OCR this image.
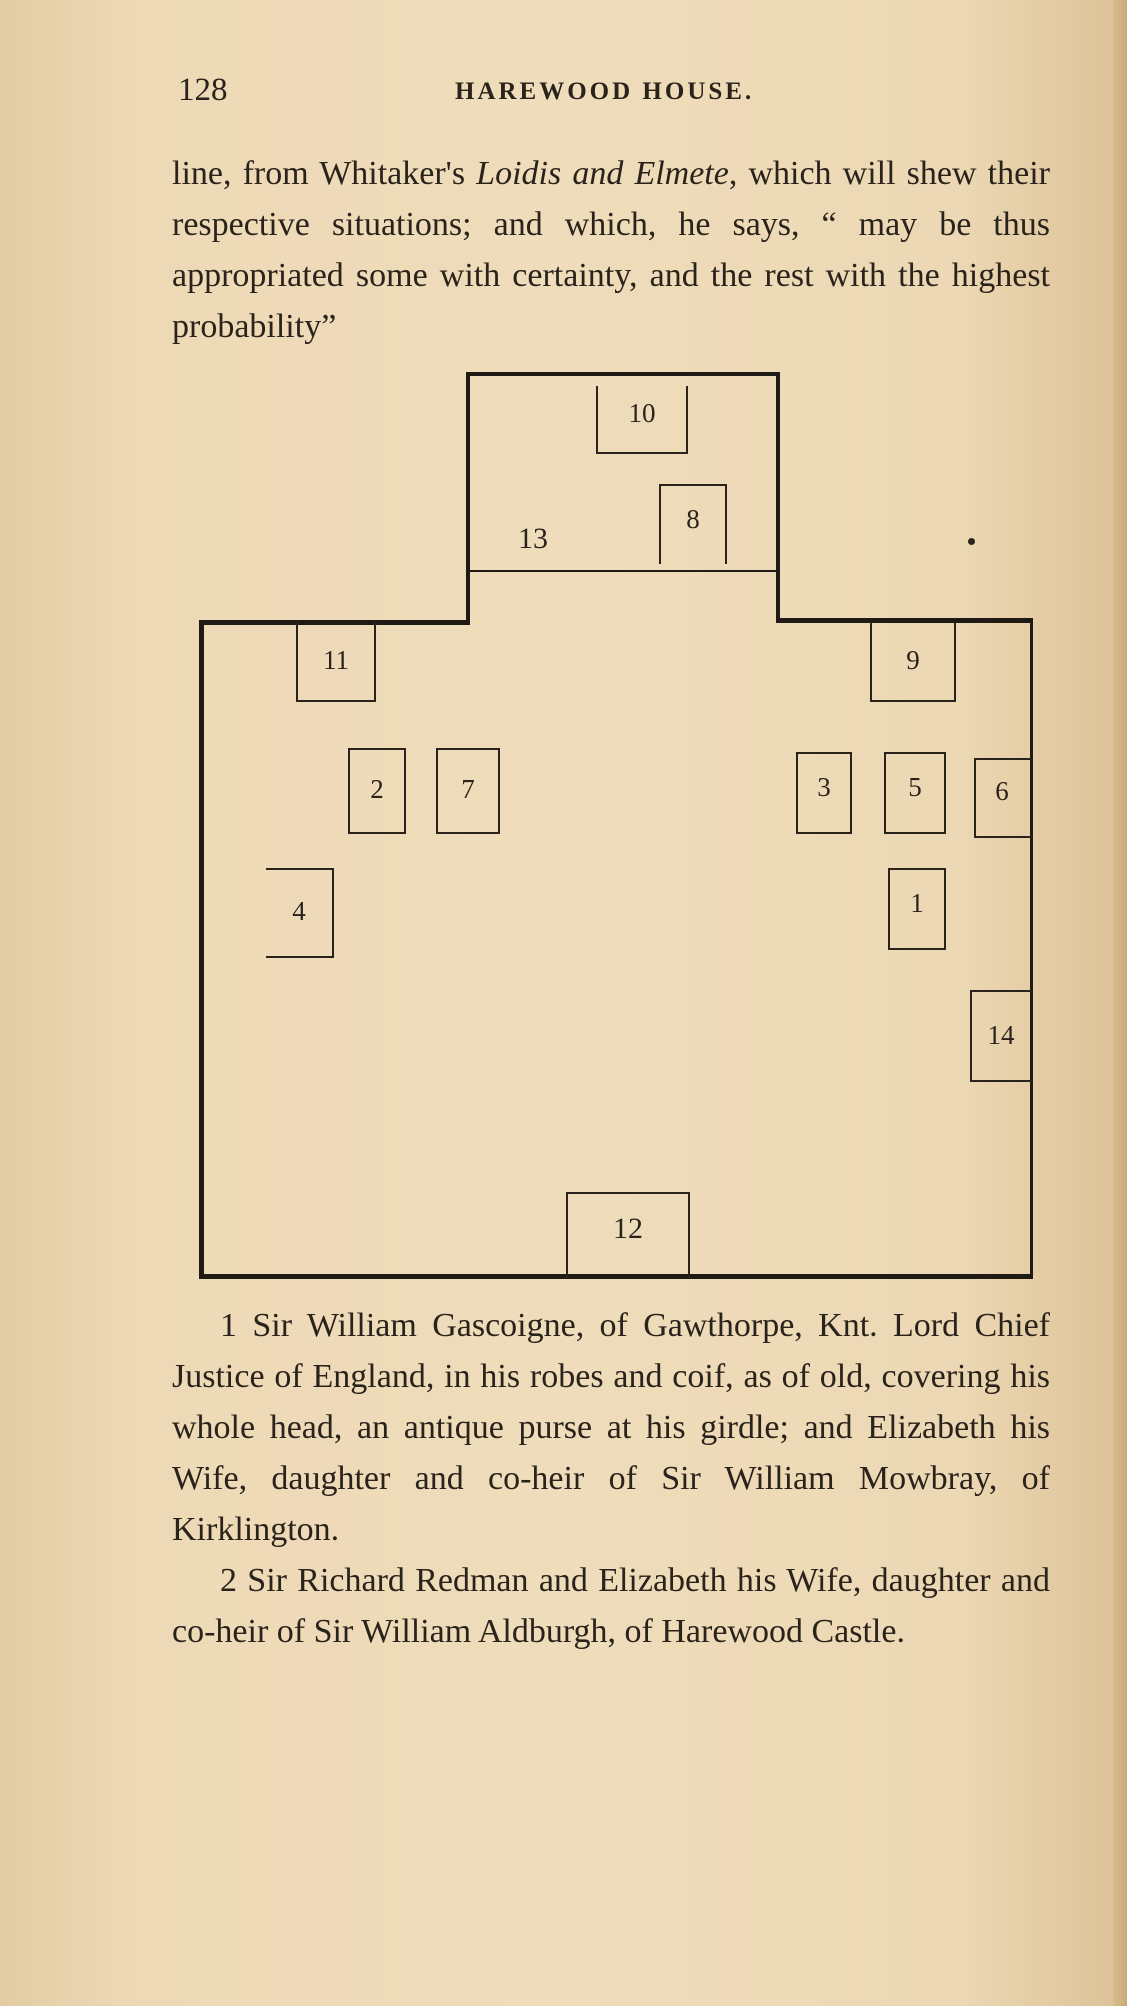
128	HAREWOOD HOUSE.
line, from Whitaker's Loidis and Elmete, which will shew their respective situations; and which, he says, “ may be thus appropriated some with certainty, and the rest with the highest probability”
10
8
13
11	9
2	7	3	5	6
4	1
14
12
1 Sir William Gascoigne, of Gawthorpe, Knt. Lord Chief Justice of England, in his robes and coif, as of old, covering his whole head, an antique purse at his girdle; and Elizabeth his Wife, daughter and co-heir of Sir William Mowbray, of Kirklington.
2 Sir Richard Redman and Elizabeth his Wife, daughter and co-heir of Sir William Aldburgh, of Harewood Castle.
